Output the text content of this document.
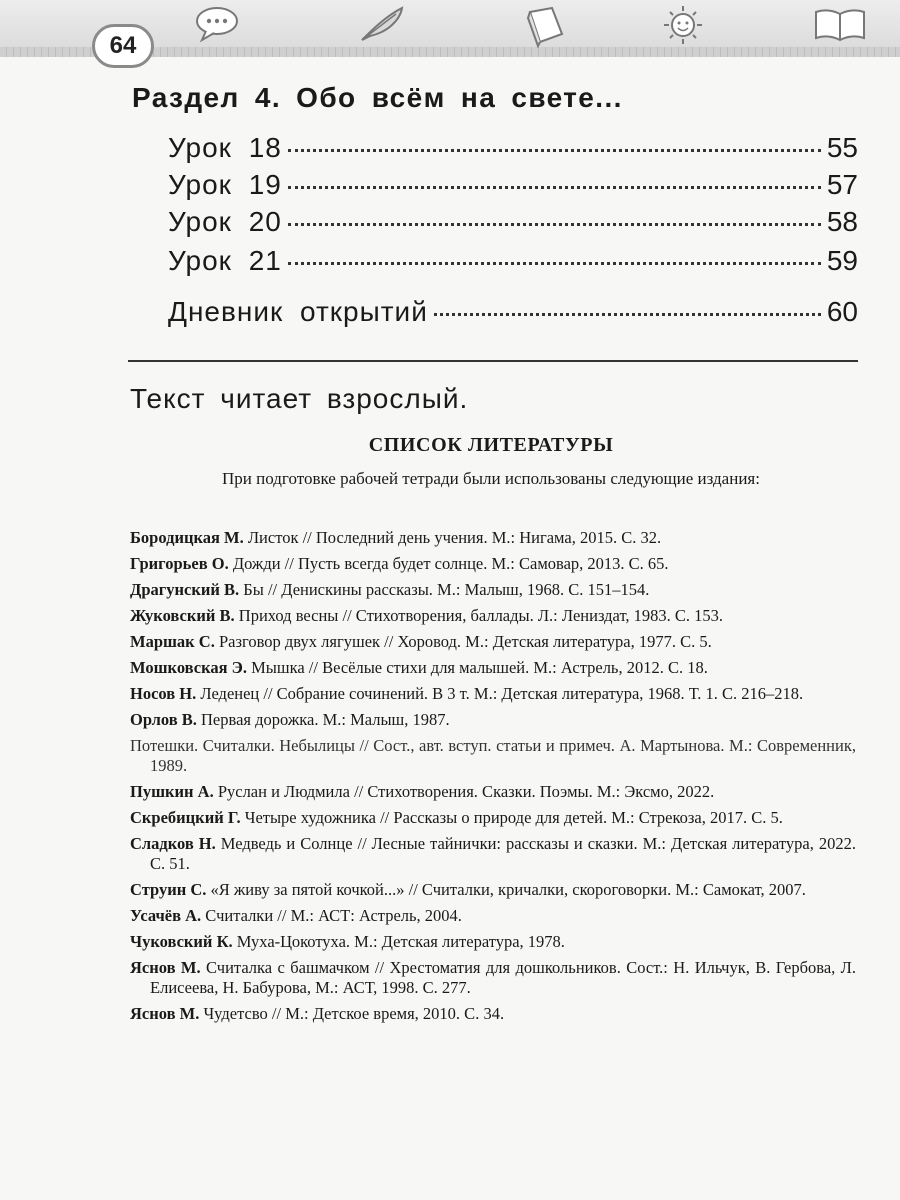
64
Раздел 4. Обо всём на свете...
Урок 18	55
Урок 19	57
Урок 20	58
Урок 21	59
Дневник открытий	60
Текст читает взрослый.
СПИСОК ЛИТЕРАТУРЫ
При подготовке рабочей тетради были использованы следующие издания:
Бородицкая М. Листок // Последний день учения. М.: Нигама, 2015. С. 32.
Григорьев О. Дожди // Пусть всегда будет солнце. М.: Самовар, 2013. С. 65.
Драгунский В. Бы // Денискины рассказы. М.: Малыш, 1968. С. 151–154.
Жуковский В. Приход весны // Стихотворения, баллады. Л.: Лениздат, 1983. С. 153.
Маршак С. Разговор двух лягушек // Хоровод. М.: Детская литература, 1977. С. 5.
Мошковская Э. Мышка // Весёлые стихи для малышей. М.: Астрель, 2012. С. 18.
Носов Н. Леденец // Собрание сочинений. В 3 т. М.: Детская литература, 1968. Т. 1. С. 216–218.
Орлов В. Первая дорожка. М.: Малыш, 1987.
Потешки. Считалки. Небылицы // Сост., авт. вступ. статьи и примеч. А. Мартынова. М.: Современник, 1989.
Пушкин А. Руслан и Людмила // Стихотворения. Сказки. Поэмы. М.: Эксмо, 2022.
Скребицкий Г. Четыре художника // Рассказы о природе для детей. М.: Стрекоза, 2017. С. 5.
Сладков Н. Медведь и Солнце // Лесные тайнички: рассказы и сказки. М.: Детская литература, 2022. С. 51.
Струин С. «Я живу за пятой кочкой...» // Считалки, кричалки, скороговорки. М.: Самокат, 2007.
Усачёв А. Считалки // М.: АСТ: Астрель, 2004.
Чуковский К. Муха-Цокотуха. М.: Детская литература, 1978.
Яснов М. Считалка с башмачком // Хрестоматия для дошкольников. Сост.: Н. Ильчук, В. Гербова, Л. Елисеева, Н. Бабурова, М.: АСТ, 1998. С. 277.
Яснов М. Чудетсво // М.: Детское время, 2010. С. 34.
